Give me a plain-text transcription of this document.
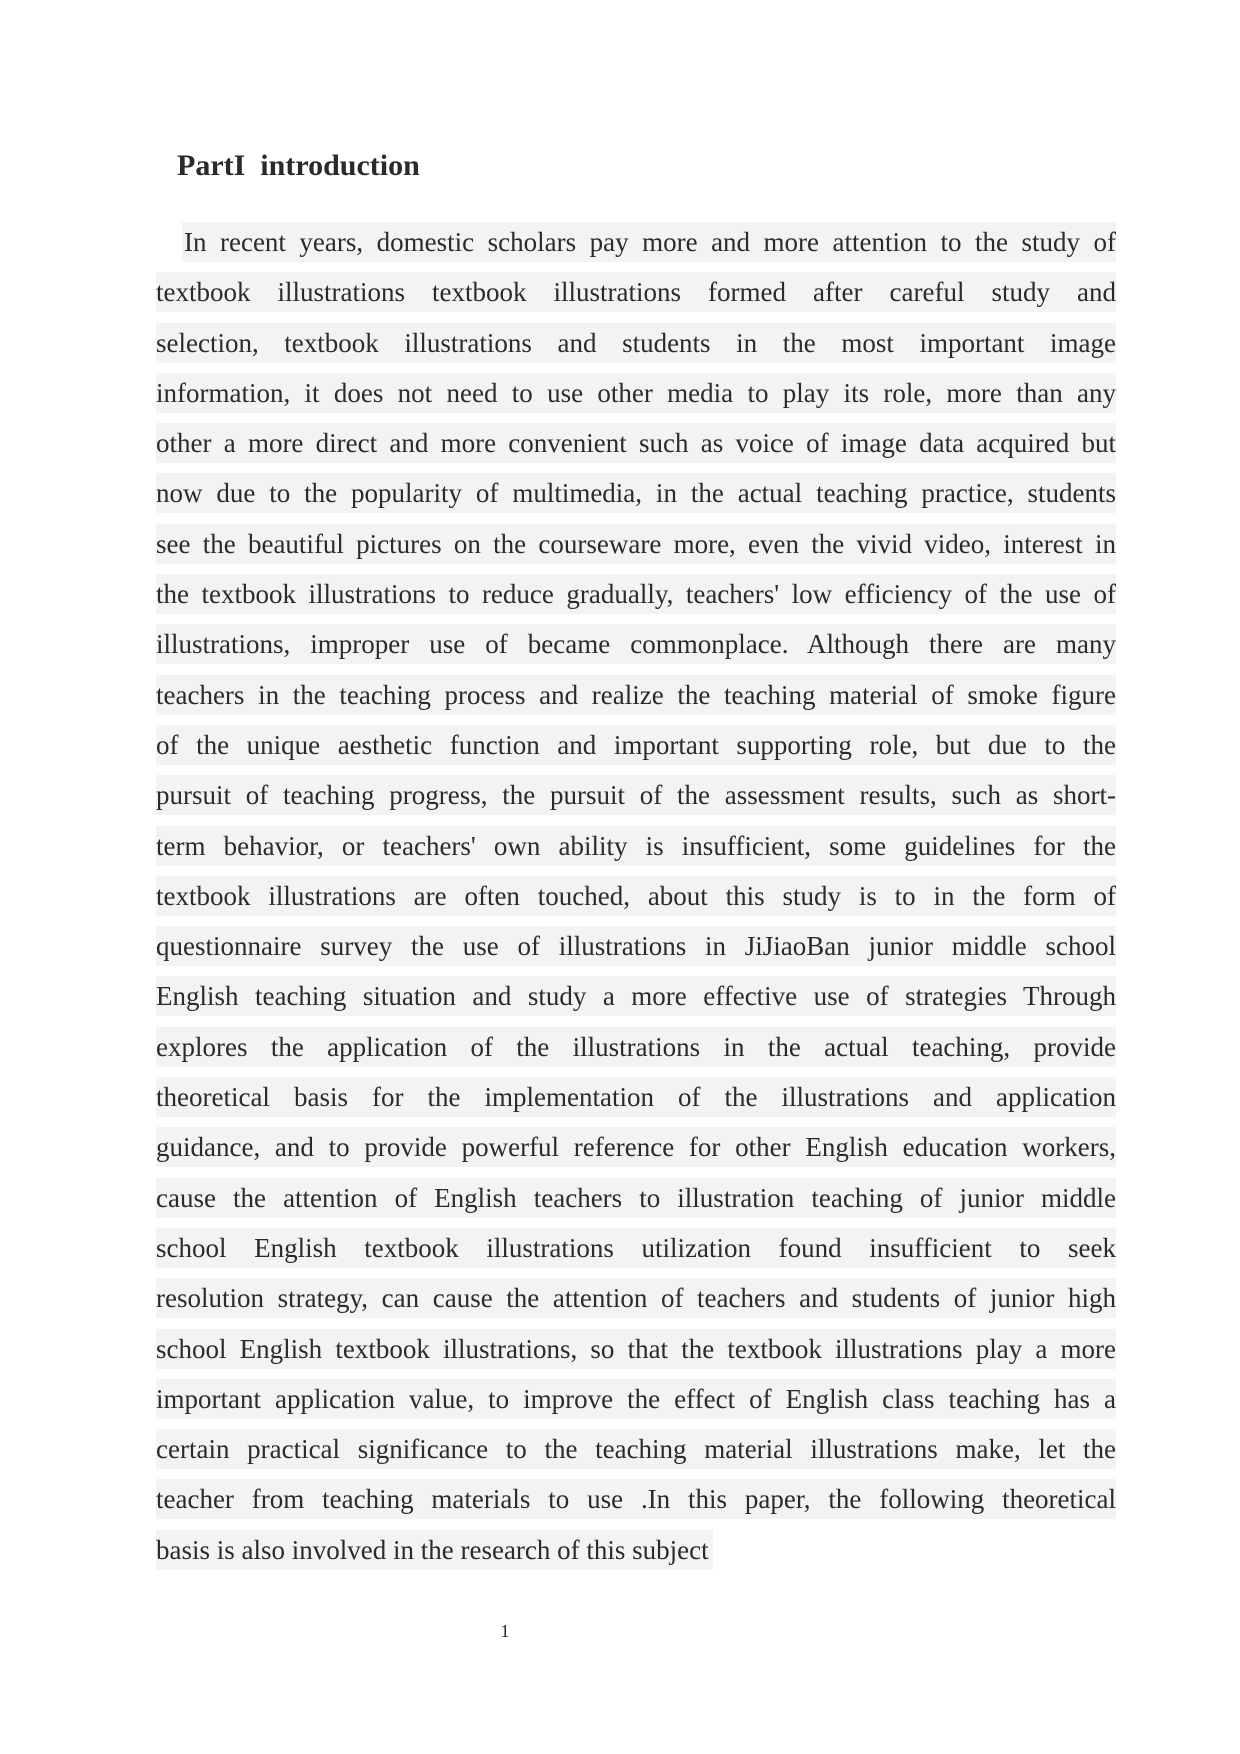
PartI  introduction
In recent years, domestic scholars pay more and more attention to the study of
textbook illustrations textbook illustrations formed after careful study and
selection, textbook illustrations and students in the most important image
information, it does not need to use other media to play its role, more than any
other a more direct and more convenient such as voice of image data acquired but
now due to the popularity of multimedia, in the actual teaching practice, students
see the beautiful pictures on the courseware more, even the vivid video, interest in
the textbook illustrations to reduce gradually, teachers' low efficiency of the use of
illustrations, improper use of became commonplace. Although there are many
teachers in the teaching process and realize the teaching material of smoke figure
of the unique aesthetic function and important supporting role, but due to the
pursuit of teaching progress, the pursuit of the assessment results, such as short-
term behavior, or teachers' own ability is insufficient, some guidelines for the
textbook illustrations are often touched, about this study is to in the form of
questionnaire survey the use of illustrations in JiJiaoBan junior middle school
English teaching situation and study a more effective use of strategies Through
explores the application of the illustrations in the actual teaching, provide
theoretical basis for the implementation of the illustrations and application
guidance, and to provide powerful reference for other English education workers,
cause the attention of English teachers to illustration teaching of junior middle
school English textbook illustrations utilization found insufficient to seek
resolution strategy, can cause the attention of teachers and students of junior high
school English textbook illustrations, so that the textbook illustrations play a more
important application value, to improve the effect of English class teaching has a
certain practical significance to the teaching material illustrations make, let the
teacher from teaching materials to use .In this paper, the following theoretical
basis is also involved in the research of this subject
1
